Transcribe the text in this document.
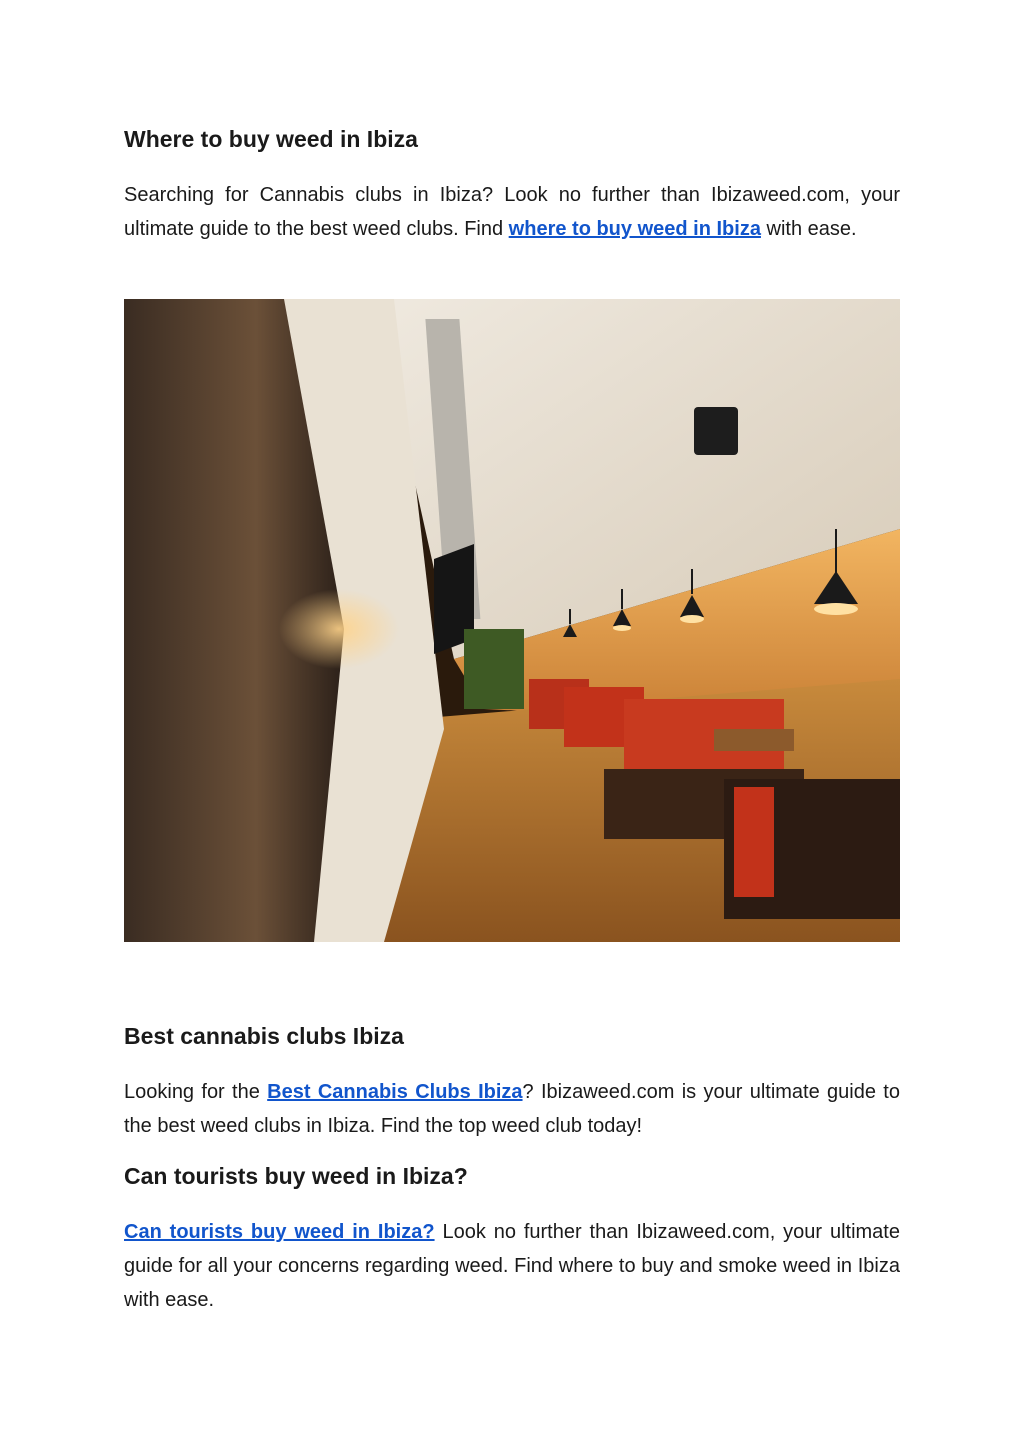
Where to buy weed in Ibiza

Searching for Cannabis clubs in Ibiza? Look no further than Ibizaweed.com, your ultimate guide to the best weed clubs. Find where to buy weed in Ibiza with ease.

Best cannabis clubs Ibiza

Looking for the Best Cannabis Clubs Ibiza? Ibizaweed.com is your ultimate guide to the best weed clubs in Ibiza. Find the top weed club today!

Can tourists buy weed in Ibiza?

Can tourists buy weed in Ibiza? Look no further than Ibizaweed.com, your ultimate guide for all your concerns regarding weed. Find where to buy and smoke weed in Ibiza with ease.
